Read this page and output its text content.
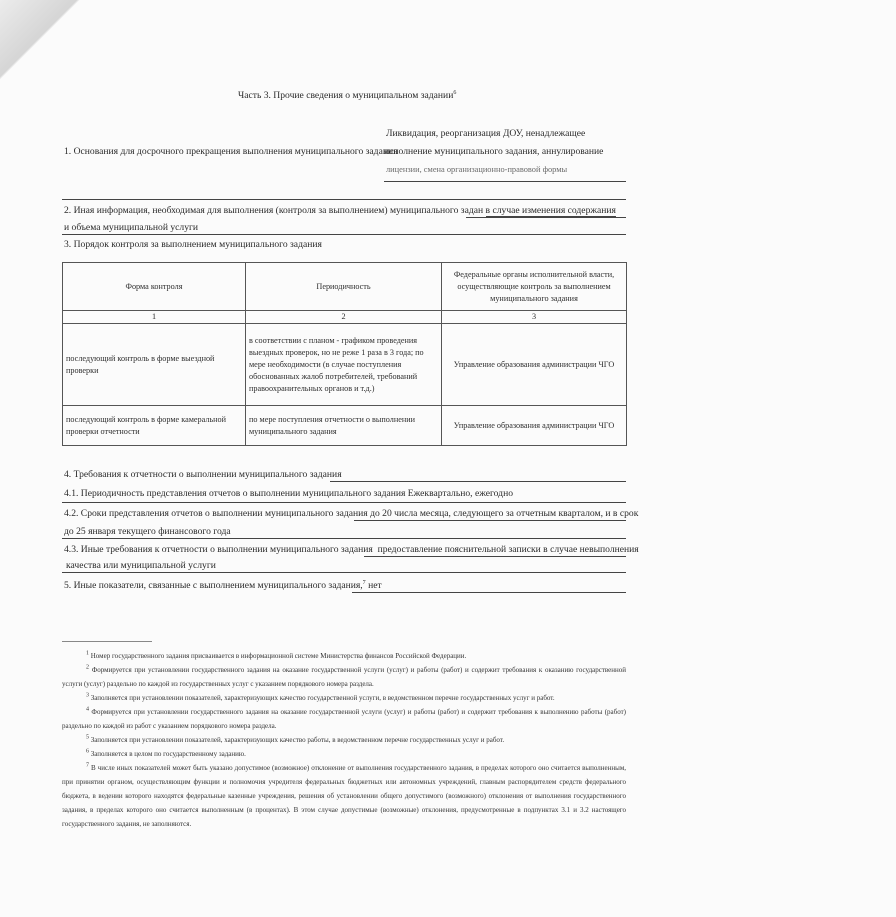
Часть 3. Прочие сведения о муниципальном задании$^6$
Ликвидация, реорганизация ДОУ, ненадлежащее
1. Основания для досрочного прекращения выполнения муниципального задания

исполнение муниципального задания, аннулирование
лицензии, смена организационно-правовой формы
2. Иная информация, необходимая для выполнения (контроля за выполнением) муниципального задан в случае изменения содержания
и объема муниципальной услуги
3. Порядок контроля за выполнением муниципального задания
Форма контроля	Периодичность	Федеральные органы исполнительной власти, осуществляющие контроль за выполнением муниципального задания
1	2	3
последующий контроль в форме выездной проверки	в соответствии с планом - графиком проведения выездных проверок, но не реже 1 раза в 3 года; по мере необходимости (в случае поступления обоснованных жалоб потребителей, требований правоохранительных органов и т.д.)	Управление образования администрации ЧГО
последующий контроль в форме камеральной проверки отчетности	по мере поступления отчетности о выполнении муниципального задания	Управление образования администрации ЧГО
4. Требования к отчетности о выполнении муниципального задания
4.1. Периодичность представления отчетов о выполнении муниципального задания Ежеквартально, ежегодно
4.2. Сроки представления отчетов о выполнении муниципального задания до 20 числа месяца, следующего за отчетным кварталом, и в срок
до 25 января текущего финансового года
4.3. Иные требования к отчетности о выполнении муниципального задания предоставление пояснительной записки в случае невыполнения
качества или муниципальной услуги
5. Иные показатели, связанные с выполнением муниципального задания,$^7$ нет

1 Номер государственного задания присваивается в информационной системе Министерства финансов Российской Федерации.

2 Формируется при установлении государственного задания на оказание государственной услуги (услуг) и работы (работ) и содержит требования к оказанию государственной услуги (услуг) раздельно по каждой из государственных услуг с указанием порядкового номера раздела.

3 Заполняется при установлении показателей, характеризующих качество государственной услуги, в ведомственном перечне государственных услуг и работ.

4 Формируется при установлении государственного задания на оказание государственной услуги (услуг) и работы (работ) и содержит требования к выполнению работы (работ) раздельно по каждой из работ с указанием порядкового номера раздела.

5 Заполняется при установлении показателей, характеризующих качество работы, в ведомственном перечне государственных услуг и работ.

6 Заполняется в целом по государственному заданию.

7 В числе иных показателей может быть указано допустимое (возможное) отклонение от выполнения государственного задания, в пределах которого оно считается выполненным, при принятии органом, осуществляющим функции и полномочия учредителя федеральных бюджетных или автономных учреждений, главным распорядителем средств федерального бюджета, в ведении которого находятся федеральные казенные учреждения, решения об установлении общего допустимого (возможного) отклонения от выполнения государственного задания, в пределах которого оно считается выполненным (в процентах). В этом случае допустимые (возможные) отклонения, предусмотренные в подпунктах 3.1 и 3.2 настоящего государственного задания, не заполняются.
